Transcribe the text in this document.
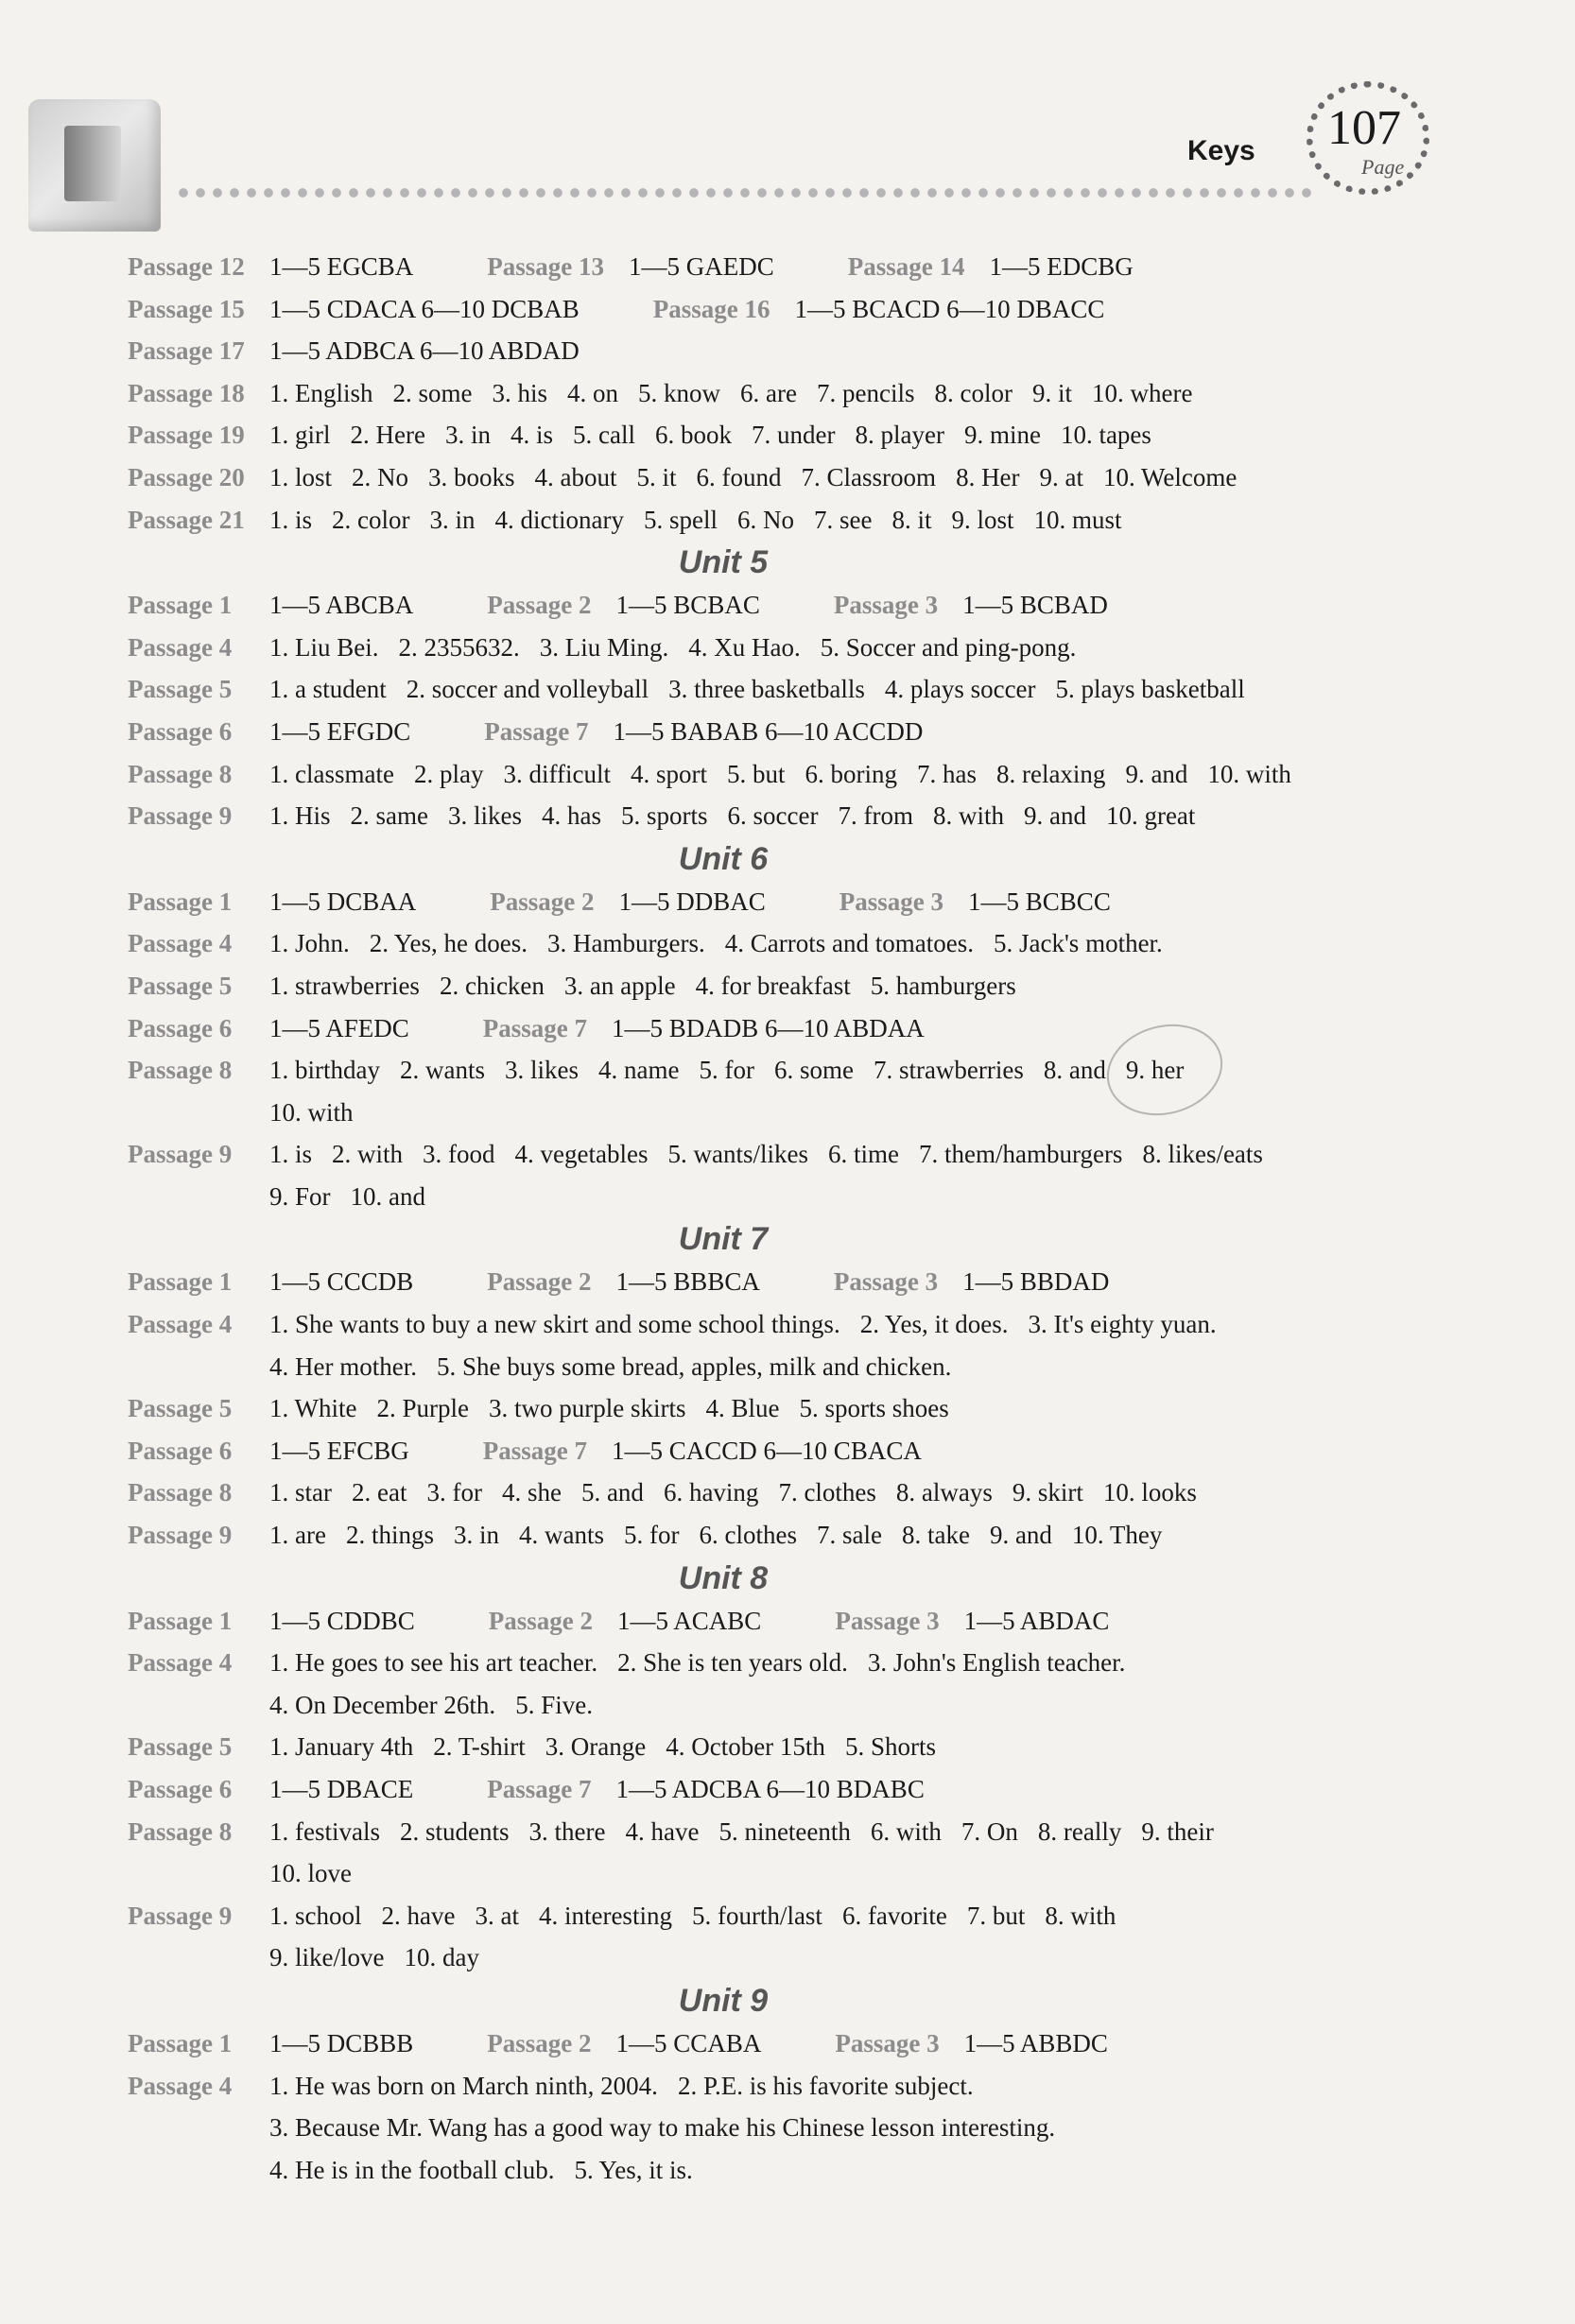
Keys	107
Page
Passage 12 1—5 EGCBA	Passage 13 1—5 GAEDC	Passage 14 1—5 EDCBG
Passage 15 1—5 CDACA 6—10 DCBAB	Passage 16 1—5 BCACD 6—10 DBACC
Passage 17 1—5 ADBCA 6—10 ABDAD
Passage 18 1. English 2. some 3. his 4. on 5. know 6. are 7. pencils 8. color 9. it 10. where
Passage 19 1. girl 2. Here 3. in 4. is 5. call 6. book 7. under 8. player 9. mine 10. tapes
Passage 20 1. lost 2. No 3. books 4. about 5. it 6. found 7. Classroom 8. Her 9. at 10. Welcome
Passage 21 1. is 2. color 3. in 4. dictionary 5. spell 6. No 7. see 8. it 9. lost 10. must
Unit 5
Passage 1	1—5 ABCBA	Passage 2 1—5 BCBAC	Passage 3 1—5 BCBAD
Passage 4	1. Liu Bei. 2. 2355632. 3. Liu Ming. 4. Xu Hao. 5. Soccer and ping-pong.
Passage 5	1. a student 2. soccer and volleyball 3. three basketballs 4. plays soccer 5. plays basketball
Passage 6	1—5 EFGDC	Passage 7 1—5 BABAB 6—10 ACCDD
Passage 8	1. classmate 2. play 3. difficult 4. sport 5. but 6. boring 7. has 8. relaxing 9. and 10. with
Passage 9	1. His 2. same 3. likes 4. has 5. sports 6. soccer 7. from 8. with 9. and 10. great
Unit 6
Passage 1	1—5 DCBAA	Passage 2 1—5 DDBAC	Passage 3 1—5 BCBCC
Passage 4	1. John. 2. Yes, he does. 3. Hamburgers. 4. Carrots and tomatoes. 5. Jack's mother.
Passage 5	1. strawberries 2. chicken 3. an apple 4. for breakfast 5. hamburgers
Passage 6	1—5 AFEDC	Passage 7 1—5 BDADB 6—10 ABDAA
Passage 8	1. birthday 2. wants 3. likes 4. name 5. for 6. some 7. strawberries 8. and 9. her
10. with
Passage 9	1. is 2. with 3. food 4. vegetables 5. wants/likes 6. time 7. them/hamburgers 8. likes/eats
9. For 10. and
Unit 7
Passage 1	1—5 CCCDB	Passage 2 1—5 BBBCA	Passage 3 1—5 BBDAD
Passage 4	1. She wants to buy a new skirt and some school things. 2. Yes, it does. 3. It's eighty yuan.
4. Her mother. 5. She buys some bread, apples, milk and chicken.
Passage 5	1. White 2. Purple 3. two purple skirts 4. Blue 5. sports shoes
Passage 6	1—5 EFCBG	Passage 7 1—5 CACCD 6—10 CBACA
Passage 8	1. star 2. eat 3. for 4. she 5. and 6. having 7. clothes 8. always 9. skirt 10. looks
Passage 9	1. are 2. things 3. in 4. wants 5. for 6. clothes 7. sale 8. take 9. and 10. They
Unit 8
Passage 1	1—5 CDDBC	Passage 2 1—5 ACABC	Passage 3 1—5 ABDAC
Passage 4	1. He goes to see his art teacher. 2. She is ten years old. 3. John's English teacher.
4. On December 26th. 5. Five.
Passage 5	1. January 4th 2. T-shirt 3. Orange 4. October 15th 5. Shorts
Passage 6	1—5 DBACE	Passage 7 1—5 ADCBA 6—10 BDABC
Passage 8	1. festivals 2. students 3. there 4. have 5. nineteenth 6. with 7. On 8. really 9. their
10. love
Passage 9	1. school 2. have 3. at 4. interesting 5. fourth/last 6. favorite 7. but 8. with
9. like/love 10. day
Unit 9
Passage 1	1—5 DCBBB	Passage 2 1—5 CCABA	Passage 3 1—5 ABBDC
Passage 4	1. He was born on March ninth, 2004. 2. P.E. is his favorite subject.
3. Because Mr. Wang has a good way to make his Chinese lesson interesting.
4. He is in the football club. 5. Yes, it is.
